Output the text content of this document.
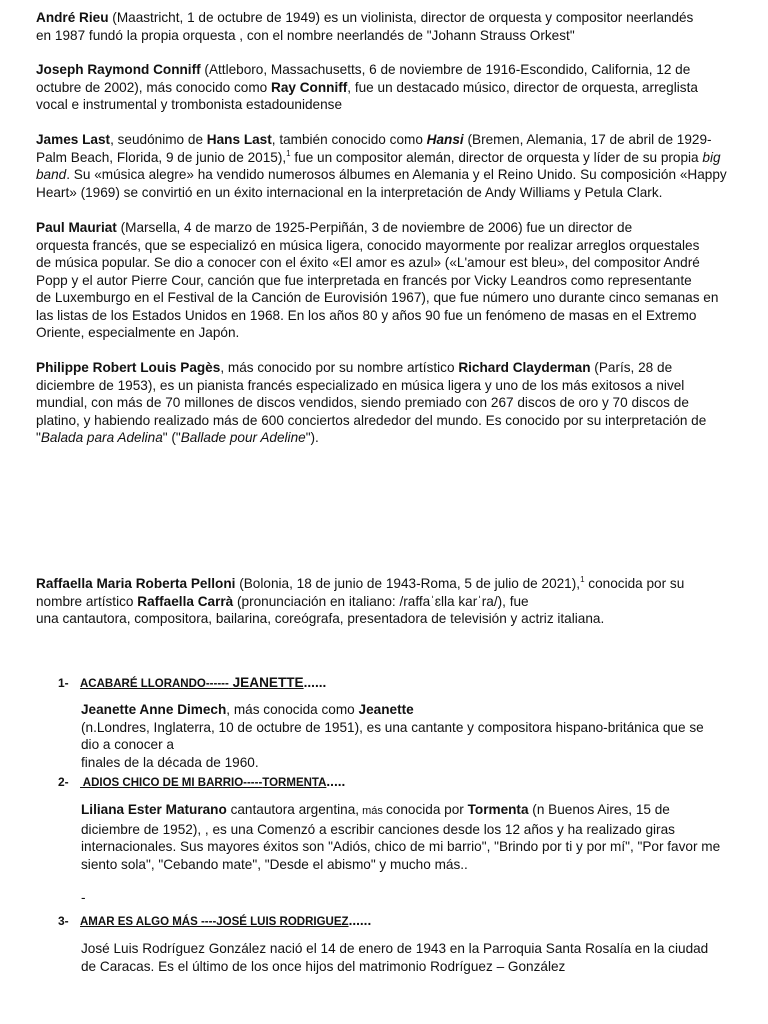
André Rieu (Maastricht, 1 de octubre de 1949) es un violinista, director de orquesta y compositor neerlandés
en 1987 fundó la propia orquesta , con el nombre neerlandés de "Johann Strauss Orkest"
Joseph Raymond Conniff (Attleboro, Massachusetts, 6 de noviembre de 1916-Escondido, California, 12 de
octubre de 2002), más conocido como Ray Conniff, fue un destacado músico, director de orquesta, arreglista
vocal e instrumental y trombonista estadounidense
James Last, seudónimo de Hans Last, también conocido como Hansi (Bremen, Alemania, 17 de abril de 1929-
Palm Beach, Florida, 9 de junio de 2015),$^1$ fue un compositor alemán, director de orquesta y líder de su propia big
band. Su «música alegre» ha vendido numerosos álbumes en Alemania y el Reino Unido. Su composición «Happy
Heart» (1969) se convirtió en un éxito internacional en la interpretación de Andy Williams y Petula Clark.
Paul Mauriat (Marsella, 4 de marzo de 1925-Perpiñán, 3 de noviembre de 2006) fue un director de
orquesta francés, que se especializó en música ligera, conocido mayormente por realizar arreglos orquestales
de música popular. Se dio a conocer con el éxito «El amor es azul» («L'amour est bleu», del compositor André
Popp y el autor Pierre Cour, canción que fue interpretada en francés por Vicky Leandros como representante
de Luxemburgo en el Festival de la Canción de Eurovisión 1967), que fue número uno durante cinco semanas en
las listas de los Estados Unidos en 1968. En los años 80 y años 90 fue un fenómeno de masas en el Extremo
Oriente, especialmente en Japón.
Philippe Robert Louis Pagès, más conocido por su nombre artístico Richard Clayderman (París, 28 de
diciembre de 1953), es un pianista francés especializado en música ligera y uno de los más exitosos a nivel
mundial, con más de 70 millones de discos vendidos, siendo premiado con 267 discos de oro y 70 discos de
platino, y habiendo realizado más de 600 conciertos alrededor del mundo. Es conocido por su interpretación de
"Balada para Adelina" ("Ballade pour Adeline").
Raffaella Maria Roberta Pelloni (Bolonia, 18 de junio de 1943-Roma, 5 de julio de 2021),$^1$ conocida por su
nombre artístico Raffaella Carrà (pronunciación en italiano: /raffaˈɛlla karˈra/), fue
una cantautora, compositora, bailarina, coreógrafa, presentadora de televisión y actriz italiana.
1- ACABARÉ LLORANDO------ JEANETTE......
Jeanette Anne Dimech, más conocida como Jeanette
(n.Londres, Inglaterra, 10 de octubre de 1951), es una cantante y compositora hispano-británica que se
dio a conocer a
finales de la década de 1960.
2- ADIOS CHICO DE MI BARRIO-----TORMENTA.....
Liliana Ester Maturano cantautora argentina, más conocida por Tormenta (n Buenos Aires, 15 de
diciembre de 1952), , es una Comenzó a escribir canciones desde los 12 años y ha realizado giras
internacionales. Sus mayores éxitos son "Adiós, chico de mi barrio", "Brindo por ti y por mí", "Por favor me
siento sola", "Cebando mate", "Desde el abismo" y mucho más..
-
3- AMAR ES ALGO MÁS ----JOSÉ LUIS RODRIGUEZ......
José Luis Rodríguez González nació el 14 de enero de 1943 en la Parroquia Santa Rosalía en la ciudad
de Caracas. Es el último de los once hijos del matrimonio Rodríguez – González
